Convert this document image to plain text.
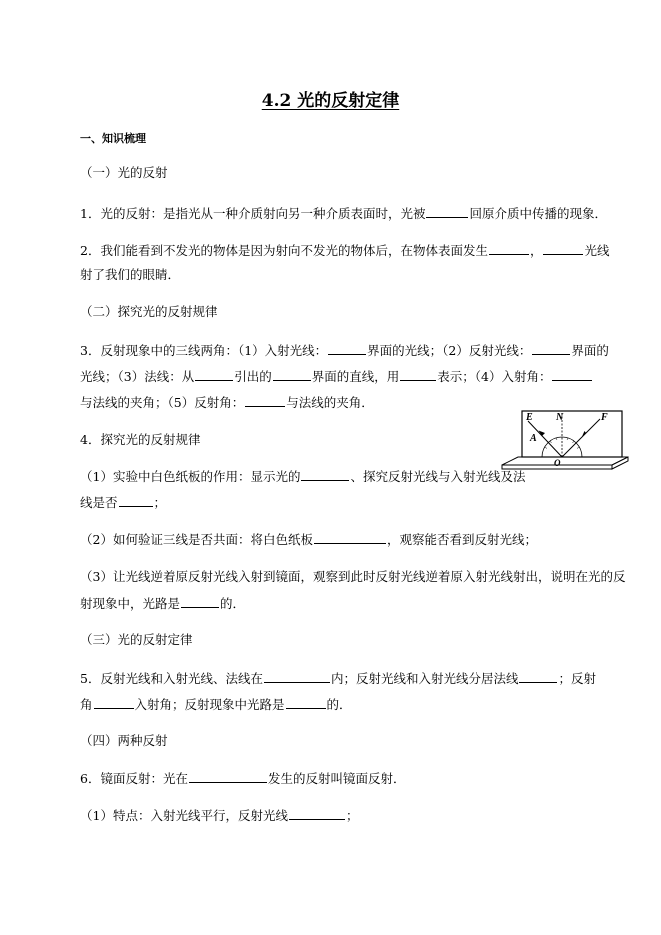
4.2 光的反射定律
一、知识梳理
（一）光的反射
1．光的反射：是指光从一种介质射向另一种介质表面时，光被	回原介质中传播的现象．
2．我们能看到不发光的物体是因为射向不发光的物体后，在物体表面发生	，	光线
射了我们的眼睛．
（二）探究光的反射规律
3．反射现象中的三线两角：（1）入射光线：	界面的光线；（2）反射光线：	界面的
光线；（3）法线：从	引出的	界面的直线，用	表示；（4）入射角：
与法线的夹角；（5）反射角：	与法线的夹角．
E N	F
A
O
4．探究光的反射规律
（1）实验中白色纸板的作用：显示光的	、探究反射光线与入射光线及法
线是否	；
（2）如何验证三线是否共面：将白色纸板	，观察能否看到反射光线；
（3）让光线逆着原反射光线入射到镜面，观察到此时反射光线逆着原入射光线射出，说明在光的反
射现象中，光路是	的．
（三）光的反射定律
5．反射光线和入射光线、法线在	内；反射光线和入射光线分居法线	；反射
角	入射角；反射现象中光路是	的．
（四）两种反射
6．镜面反射：光在	发生的反射叫镜面反射．
（1）特点：入射光线平行，反射光线	；
